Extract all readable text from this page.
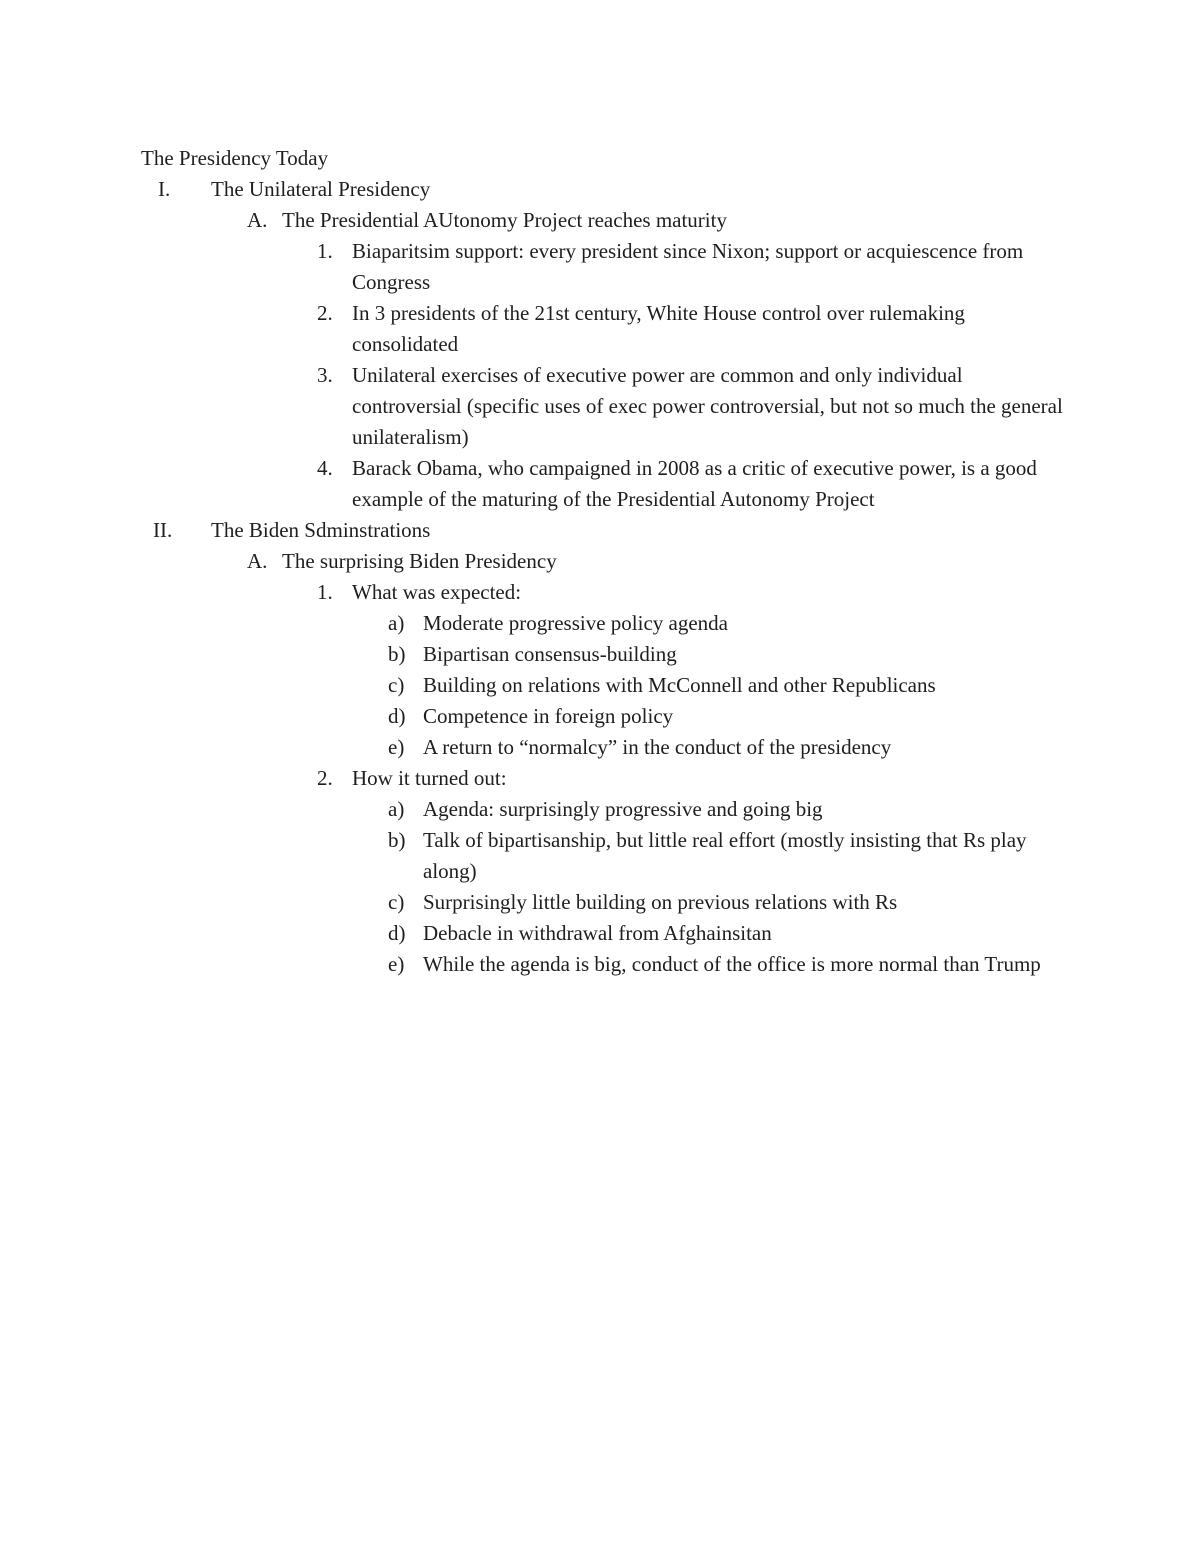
The Presidency Today
I. The Unilateral Presidency
A. The Presidential AUtonomy Project reaches maturity
1. Biaparitsim support: every president since Nixon; support or acquiescence from Congress
2. In 3 presidents of the 21st century, White House control over rulemaking consolidated
3. Unilateral exercises of executive power are common and only individual controversial (specific uses of exec power controversial, but not so much the general unilateralism)
4. Barack Obama, who campaigned in 2008 as a critic of executive power, is a good example of the maturing of the Presidential Autonomy Project
II. The Biden Sdminstrations
A. The surprising Biden Presidency
1. What was expected:
a) Moderate progressive policy agenda
b) Bipartisan consensus-building
c) Building on relations with McConnell and other Republicans
d) Competence in foreign policy
e) A return to “normalcy” in the conduct of the presidency
2. How it turned out:
a) Agenda: surprisingly progressive and going big
b) Talk of bipartisanship, but little real effort (mostly insisting that Rs play along)
c) Surprisingly little building on previous relations with Rs
d) Debacle in withdrawal from Afghainsitan
e) While the agenda is big, conduct of the office is more normal than Trump
